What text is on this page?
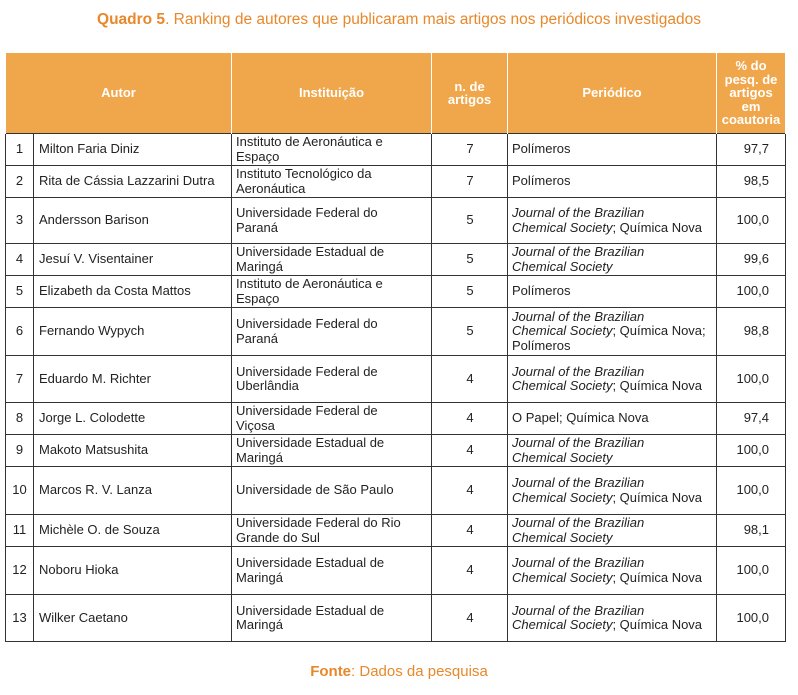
Quadro 5. Ranking de autores que publicaram mais artigos nos periódicos investigados
Autor		Instituição	n. de
artigos	Periódico	% do
pesq. de
artigos
em
coautoria
1	Milton Faria Diniz	Instituto de Aeronáutica e
Espaço	7	Polímeros	97,7
2	Rita de Cássia Lazzarini Dutra	Instituto Tecnológico da
Aeronáutica	7	Polímeros	98,5
3	Andersson Barison	Universidade Federal do
Paraná	5	Journal of the Brazilian
Chemical Society; Química Nova	100,0
4	Jesuí V. Visentainer	Universidade Estadual de
Maringá	5	Journal of the Brazilian
Chemical Society	99,6
5	Elizabeth da Costa Mattos	Instituto de Aeronáutica e
Espaço	5	Polímeros	100,0
6	Fernando Wypych	Universidade Federal do
Paraná	5	Journal of the Brazilian
Chemical Society; Química Nova; Polímeros	98,8
7	Eduardo M. Richter	Universidade Federal de
Uberlândia	4	Journal of the Brazilian
Chemical Society; Química Nova	100,0
8	Jorge L. Colodette	Universidade Federal de
Viçosa	4	O Papel; Química Nova	97,4
9	Makoto Matsushita	Universidade Estadual de
Maringá	4	Journal of the Brazilian
Chemical Society	100,0
10	Marcos R. V. Lanza	Universidade de São Paulo	4	Journal of the Brazilian
Chemical Society; Química Nova	100,0
11	Michèle O. de Souza	Universidade Federal do Rio
Grande do Sul	4	Journal of the Brazilian
Chemical Society	98,1
12	Noboru Hioka	Universidade Estadual de
Maringá	4	Journal of the Brazilian
Chemical Society; Química Nova	100,0
13	Wilker Caetano	Universidade Estadual de
Maringá	4	Journal of the Brazilian
Chemical Society; Química Nova	100,0
Fonte: Dados da pesquisa
